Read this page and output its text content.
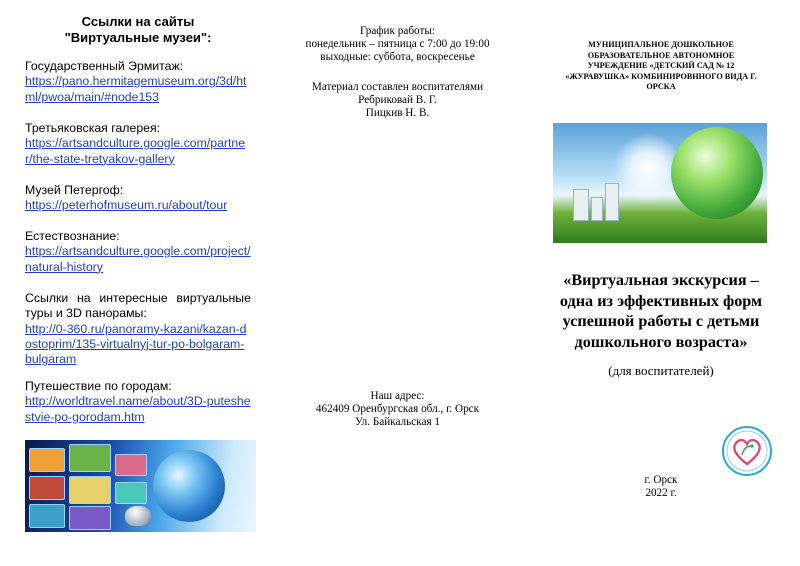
Ссылки на сайты
"Виртуальные музеи":
Государственный Эрмитаж:
https://pano.hermitagemuseum.org/3d/html/pwoa/main/#node153
Третьяковская галерея:
https://artsandculture.google.com/partner/the-state-tretyakov-gallery
Музей Петергоф:
https://peterhofmuseum.ru/about/tour
Естествознание:
https://artsandculture.google.com/project/natural-history
Ссылки на интересные виртуальные туры и 3D панорамы:
http://0-360.ru/panoramy-kazani/kazan-dostoprim/135-virtualnyj-tur-po-bolgaram-bulgaram
Путешествие по городам:
http://worldtravel.name/about/3D-puteshestvie-po-gorodam.htm
График работы:
понедельник – пятница с 7:00 до 19:00
выходные: суббота, воскресенье
Материал составлен воспитателями
Ребриковай В. Г.
Пицкив Н. В.
Наш адрес:
462409 Оренбургская обл., г. Орск
Ул. Байкальская 1
МУНИЦИПАЛЬНОЕ ДОШКОЛЬНОЕ
ОБРАЗОВАТЕЛЬНОЕ АВТОНОМНОЕ
УЧРЕЖДЕНИЕ «ДЕТСКИЙ САД № 12
«ЖУРАВУШКА» КОМБИНИРОВННОГО ВИДА Г.
ОРСКА
«Виртуальная экскурсия –
одна из эффективных форм
успешной работы с детьми
дошкольного возраста»
(для воспитателей)
г. Орск
2022 г.
